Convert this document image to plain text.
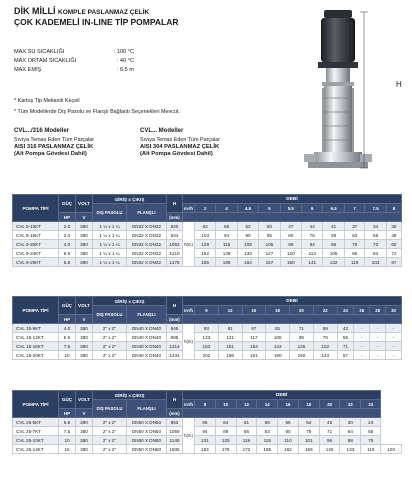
DİK MİLLİ KOMPLE PASLANMAZ ÇELİK
ÇOK KADEMELİ IN-LINE TİP POMPALAR
MAX SU SICAKLIĞI	: 100 °C
MAX ORTAM SICAKLIĞI	: 40 °C
MAX EMİŞ	: 6.5 m
* Kartuş Tip Mekanik Keçeli
* Tüm Modellerde Dış Pasolu ve Flanşlı Bağlantı Seçenekleri Mevcut.
CVL.../316 Modeller
Sıvıya Temas Eden Tüm Parçalar
AISI 316 PASLANMAZ ÇELİK
(Alt Pompa Gövdesi Dahil)
CVL... Modeller
Sıvıya Temas Eden Tüm Parçalar
AISI 304 PASLANMAZ ÇELİK
(Alt Pompa Gövdesi Dahil)
H
POMPA TİPİ	GÜÇ	VOLT	GİRİŞ x ÇIKIŞ		H	DEBİ										
			DIŞ PASOLU	FLANŞLI		m³/h	2	4	4.5	5	5.5	6	6.5	7	7.5	8
	HP	V			(mm)											
CVL 9-10KT	2.0	380	1 ¼ x 1 ¼	DN32 X DN32	820	h(m)	62	55	53	50	47	44	41	37	34	30
CVL 9-16KT	3.0	380	1 ¼ x 1 ¼	DN32 X DN32	944		103	94	90	85	80	75	69	63	56	48
CVL 9-20KT	4.0	380	1 ¼ x 1 ¼	DN32 X DN32	1052		129	115	109	105	99	94	86	78	70	60
CVL 9-24KT	5.5	380	1 ¼ x 1 ¼	DN32 X DN32	1210		152	138	133	127	120	113	105	96	84	72
CVL 9-29KT	5.5	380	1 ¼ x 1 ¼	DN32 X DN32	1375		185	168	164	157	150	141	132	119	103	87
POMPA TİPİ	GÜÇ	VOLT	GİRİŞ x ÇIKIŞ		H	DEBİ										
			DIŞ PASOLU	FLANŞLI		m³/h	9	12	15	18	20	22	24	26	28	30
	HP	V			(mm)											
CVL 15-9KT	4.0	380	2" x 2"	DN40 X DN40	845	h(m)	93	91	87	81	71	59	42	-	-	-
CVL 15-12KT	5.5	380	2" x 2"	DN40 X DN40	988		123	121	117	108	95	78	55	-	-	-
CVL 15-16KT	7.5	380	2" x 2"	DN40 X DN40	1214		163	161	154	143	125	102	71	-	-	-
CVL 15-20KT	10	380	2" x 2"	DN40 X DN40	1334		202	198	191	180	160	133	97	-	-	-
POMPA TİPİ	GÜÇ	VOLT	GİRİŞ x ÇIKIŞ		H	DEBİ										
			DIŞ PASOLU	FLANŞLI		m³/h	8	10	12	14	16	18	20	22	24	
	HP	V			(mm)											
CVL 25-5KT	5.5	380	2" x 2"	DN50 X DN50	863	h(m)	66	64	61	58	56	54	45	30	24	
CVL 25-7KT	7.5	380	2" x 2"	DN50 X DN50	1059		94	89	86	83	80	78	71	64	56	
CVL 25-10KT	10	380	2" x 2"	DN50 X DN50	1149		131	125	119	115	110	101	96	88	75	
CVL 25-14KT	15	380	2" x 2"	DN50 X DN50	1505		183	178	172	165	162	156	145	133	118	103
